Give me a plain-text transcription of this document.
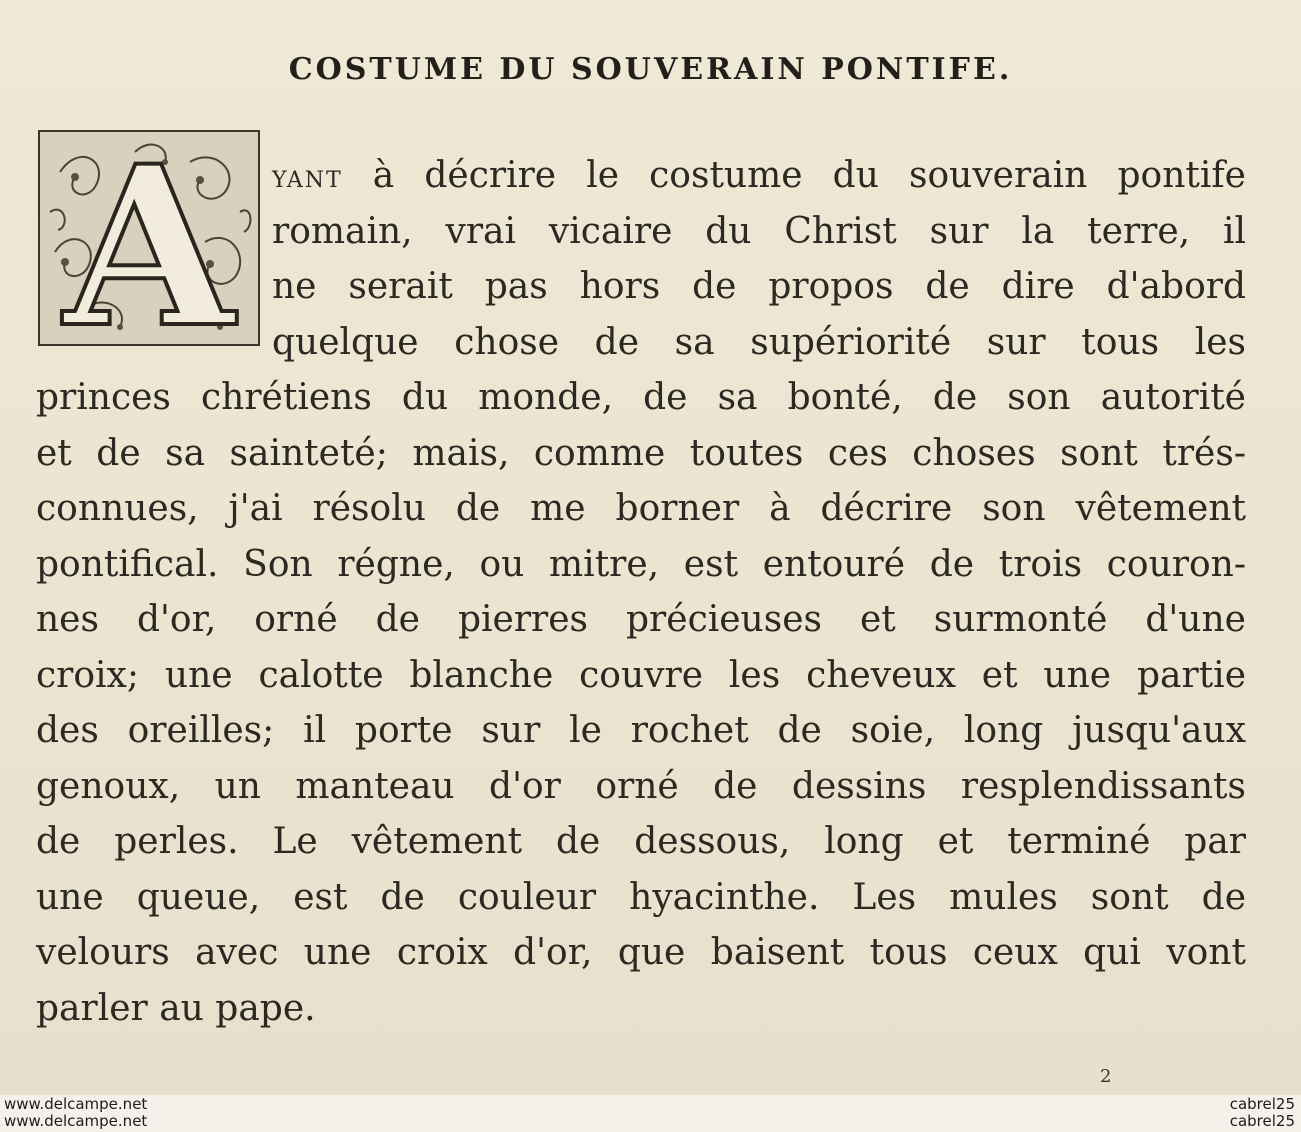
COSTUME DU SOUVERAIN PONTIFE.
A YANT à décrire le costume du souverain pontife
romain, vrai vicaire du Christ sur la terre, il
ne serait pas hors de propos de dire d'abord
quelque chose de sa supériorité sur tous les
princes chrétiens du monde, de sa bonté, de son autorité
et de sa sainteté; mais, comme toutes ces choses sont trés-
connues, j'ai résolu de me borner à décrire son vêtement
pontifical. Son régne, ou mitre, est entouré de trois couron-
nes d'or, orné de pierres précieuses et surmonté d'une
croix; une calotte blanche couvre les cheveux et une partie
des oreilles; il porte sur le rochet de soie, long jusqu'aux
genoux, un manteau d'or orné de dessins resplendissants
de perles. Le vêtement de dessous, long et terminé par
une queue, est de couleur hyacinthe. Les mules sont de
velours avec une croix d'or, que baisent tous ceux qui vont
parler au pape.
2
www.delcampe.net
www.delcampe.net
cabrel25
cabrel25
